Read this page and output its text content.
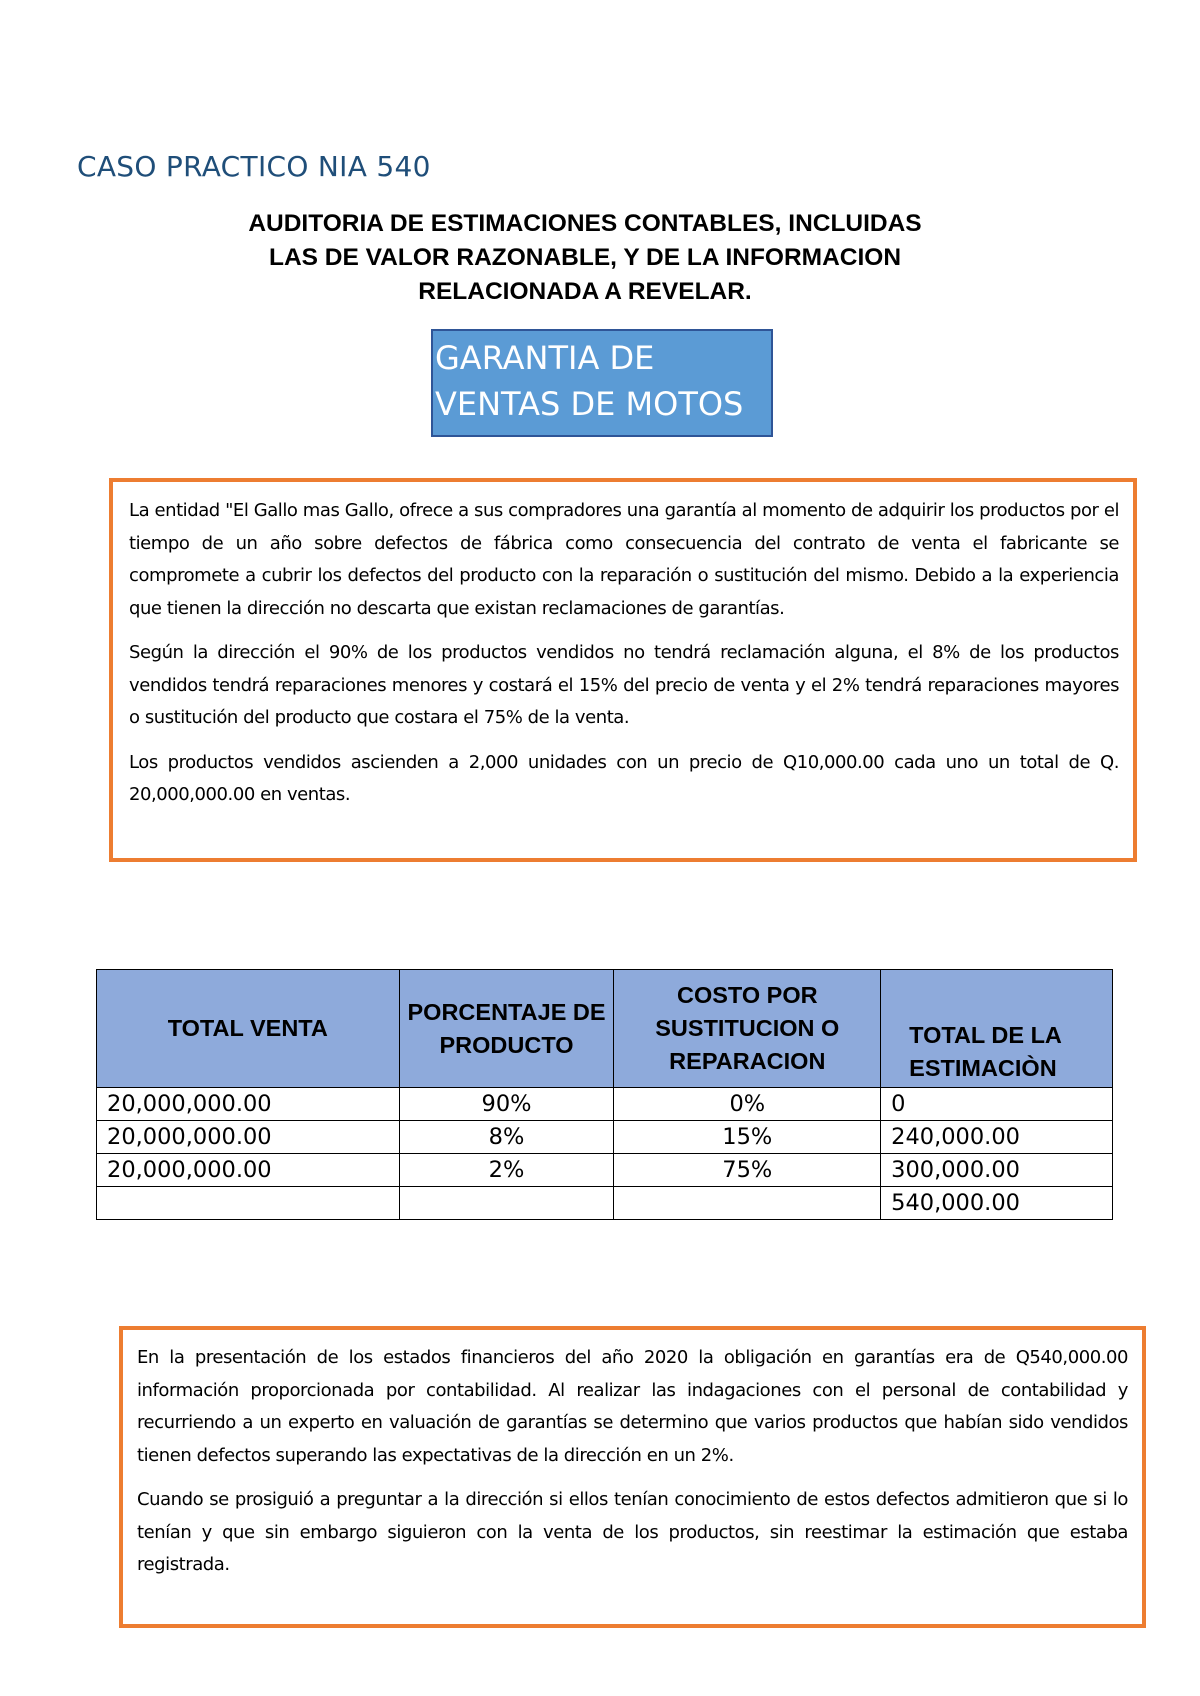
CASO PRACTICO NIA 540
AUDITORIA DE ESTIMACIONES CONTABLES, INCLUIDAS
LAS DE VALOR RAZONABLE, Y DE LA INFORMACION
RELACIONADA A REVELAR.

GARANTIA DE VENTAS DE MOTOS

La entidad "El Gallo mas Gallo, ofrece a sus compradores una garantía al momento de adquirir los productos por el tiempo de un año sobre defectos de fábrica como consecuencia del contrato de venta el fabricante se compromete a cubrir los defectos del producto con la reparación o sustitución del mismo. Debido a la experiencia que tienen la dirección no descarta que existan reclamaciones de garantías.

Según la dirección el 90% de los productos vendidos no tendrá reclamación alguna, el 8% de los productos vendidos tendrá reparaciones menores y costará el 15% del precio de venta y el 2% tendrá reparaciones mayores o sustitución del producto que costara el 75% de la venta.

Los productos vendidos ascienden a 2,000 unidades con un precio de Q10,000.00 cada uno un total de Q. 20,000,000.00 en ventas.

TOTAL VENTA	PORCENTAJE DE PRODUCTO	COSTO POR SUSTITUCION O REPARACION	TOTAL DE LA ESTIMACIÒN
20,000,000.00	90%	0%	0
20,000,000.00	8%	15%	240,000.00
20,000,000.00	2%	75%	300,000.00
			540,000.00

En la presentación de los estados financieros del año 2020 la obligación en garantías era de Q540,000.00 información proporcionada por contabilidad. Al realizar las indagaciones con el personal de contabilidad y recurriendo a un experto en valuación de garantías se determino que varios productos que habían sido vendidos tienen defectos superando las expectativas de la dirección en un 2%.

Cuando se prosiguió a preguntar a la dirección si ellos tenían conocimiento de estos defectos admitieron que si lo tenían y que sin embargo siguieron con la venta de los productos, sin reestimar la estimación que estaba registrada.
